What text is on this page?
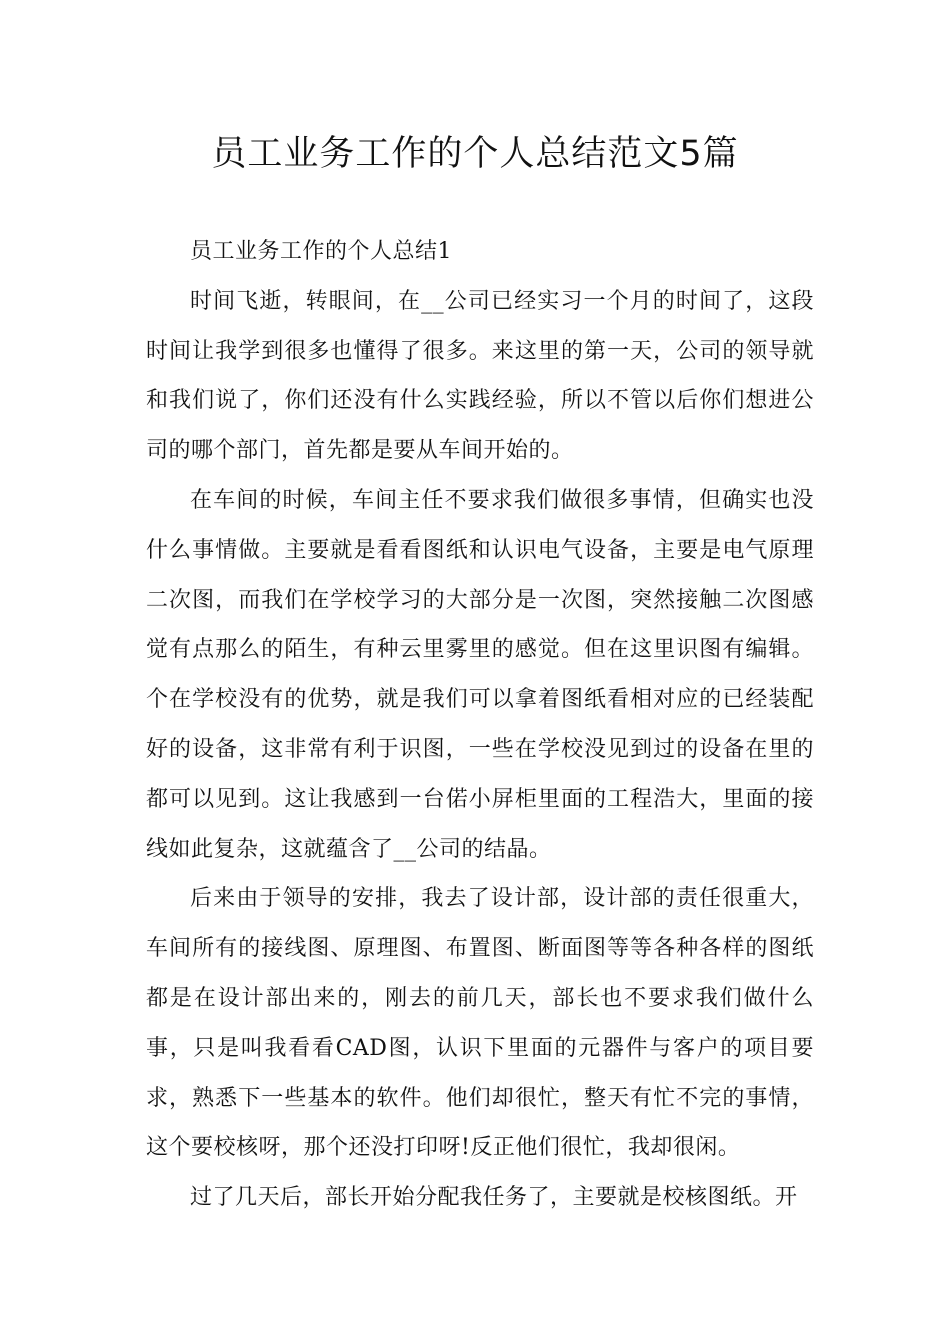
员工业务工作的个人总结范文5篇

员工业务工作的个人总结1

时间飞逝，转眼间，在__公司已经实习一个月的时间了，这段时间让我学到很多也懂得了很多。来这里的第一天，公司的领导就和我们说了，你们还没有什么实践经验，所以不管以后你们想进公司的哪个部门，首先都是要从车间开始的。

在车间的时候，车间主任不要求我们做很多事情，但确实也没什么事情做。主要就是看看图纸和认识电气设备，主要是电气原理二次图，而我们在学校学习的大部分是一次图，突然接触二次图感觉有点那么的陌生，有种云里雾里的感觉。但在这里识图有编辑。个在学校没有的优势，就是我们可以拿着图纸看相对应的已经装配好的设备，这非常有利于识图，一些在学校没见到过的设备在里的都可以见到。这让我感到一台偌小屏柜里面的工程浩大，里面的接线如此复杂，这就蕴含了__公司的结晶。

后来由于领导的安排，我去了设计部，设计部的责任很重大，车间所有的接线图、原理图、布置图、断面图等等各种各样的图纸都是在设计部出来的，刚去的前几天，部长也不要求我们做什么事，只是叫我看看CAD图，认识下里面的元器件与客户的项目要求，熟悉下一些基本的软件。他们却很忙，整天有忙不完的事情，这个要校核呀，那个还没打印呀!反正他们很忙，我却很闲。

过了几天后，部长开始分配我任务了，主要就是校核图纸。开
